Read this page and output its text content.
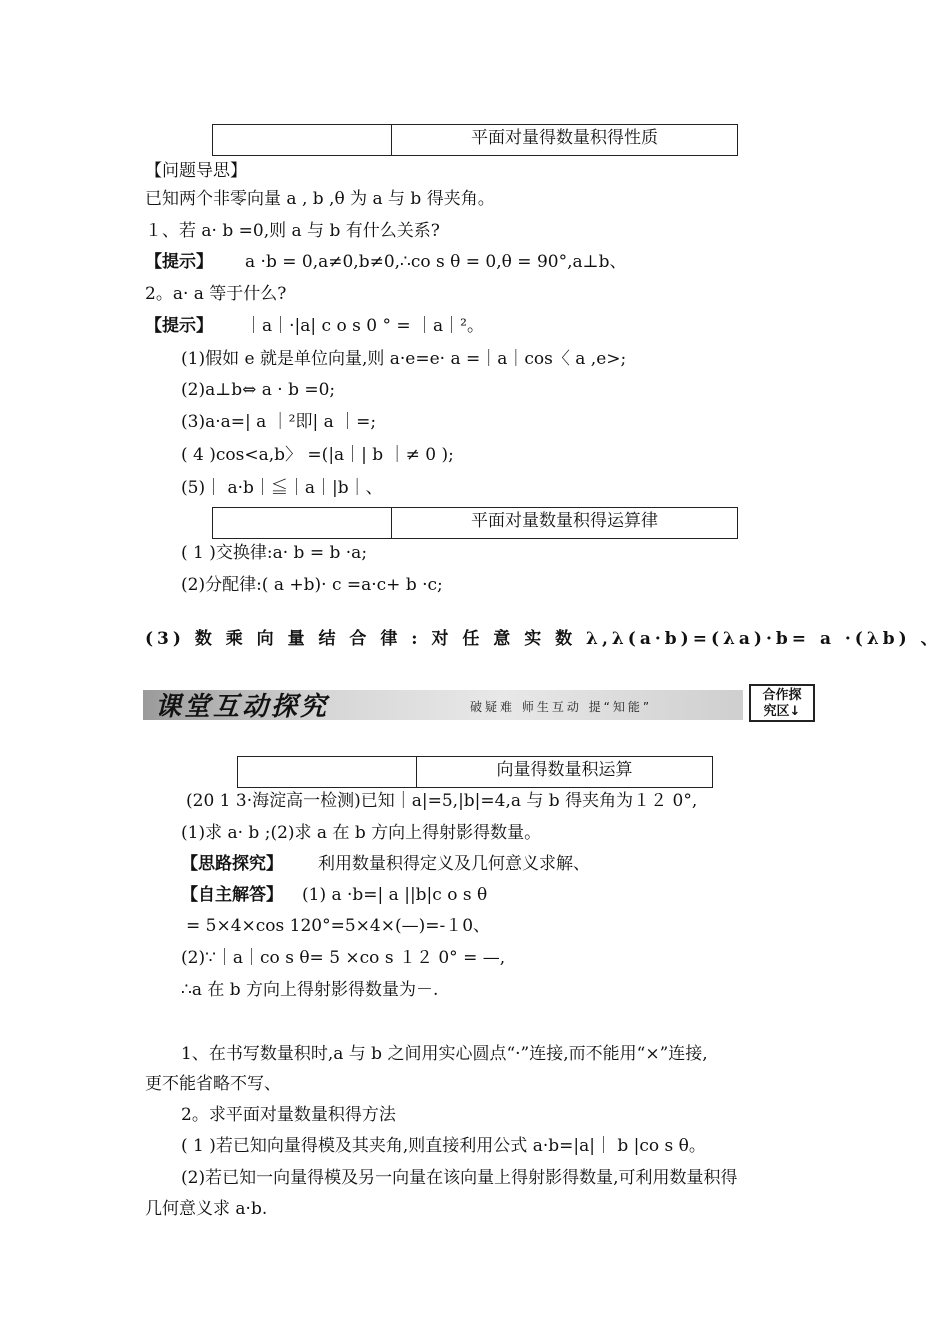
平面对量得数量积得性质
【问题导思】
已知两个非零向量 a , b ,θ 为 a 与 b 得夹角。
１、若 a· b =0,则 a 与 b 有什么关系?
【提示】 a ·b = 0,a≠0,b≠0,∴co s θ = 0,θ = 90°,a⊥b、
2。a· a 等于什么?
【提示】 ｜a｜·|a| c o s 0 ° = ｜a｜²。
(1)假如 e 就是单位向量,则 a·e=e· a =｜a｜cos〈 a ,e>;
(2)a⊥b⇔ a · b =0;
(3)a·a=| a ｜²即| a ｜=;
( 4 )cos<a,b〉 =(|a｜| b ｜≠ 0 );
(5)｜ a·b｜≦｜a｜|b｜、
平面对量数量积得运算律
( 1 )交换律:a· b = b ·a;
(2)分配律:( a +b)· c =a·c+ b ·c;
(3) 数 乘 向 量 结 合 律 : 对 任 意 实 数 λ,λ(a·b)=(λa)·b= a ·(λb) 、
课堂互动探究	破疑难 师生互动 提“知能”
合作探
究区↓
向量得数量积运算
(20 1 3·海淀高一检测)已知｜a|=5,|b|=4,a 与 b 得夹角为１２ 0°,
(1)求 a· b ;(2)求 a 在 b 方向上得射影得数量。
【思路探究】 利用数量积得定义及几何意义求解、
【自主解答】 (1) a ·b=| a ||b|c o s θ
= 5×4×cos 120°=5×4×(—)=-１0、
(2)∵｜a｜co s θ= 5 ×co s １２ 0° = —,
∴a 在 b 方向上得射影得数量为－.
1、在书写数量积时,a 与 b 之间用实心圆点“·”连接,而不能用“×”连接,
更不能省略不写、
2。求平面对量数量积得方法
( 1 )若已知向量得模及其夹角,则直接利用公式 a·b=|a|｜ b |co s θ。
(2)若已知一向量得模及另一向量在该向量上得射影得数量,可利用数量积得
几何意义求 a·b.
